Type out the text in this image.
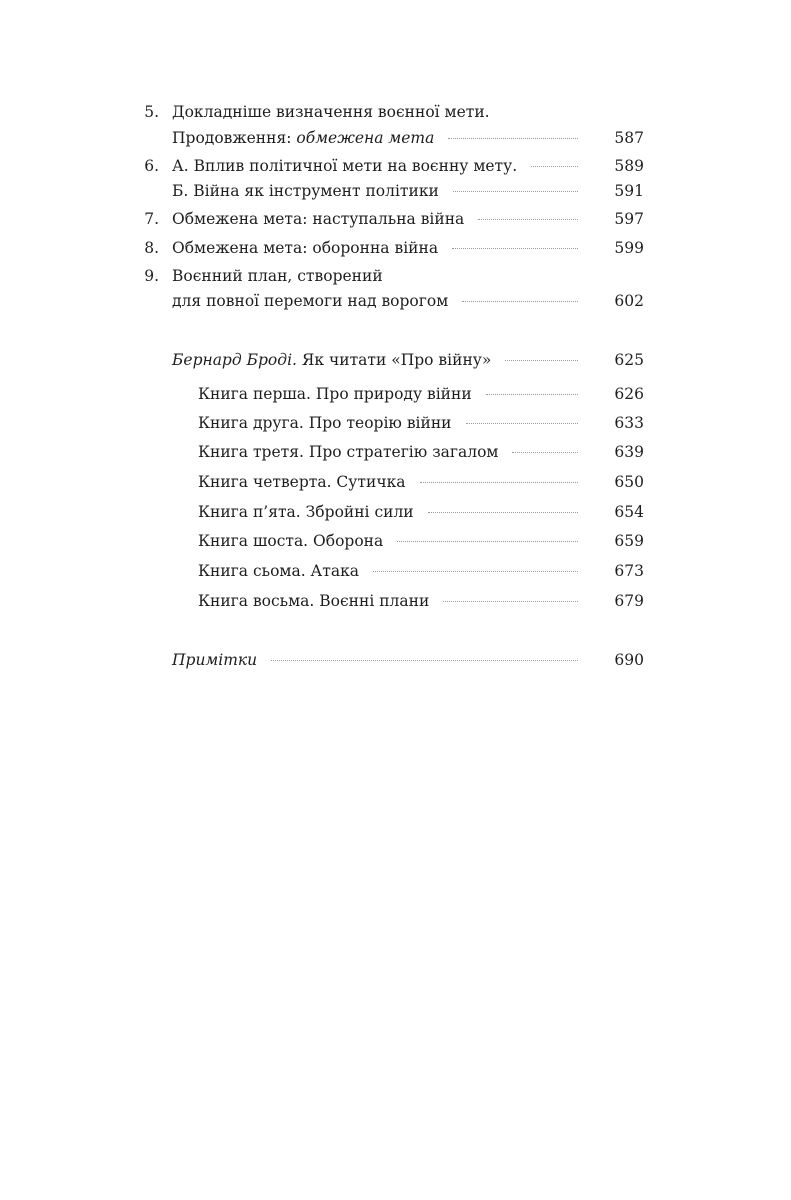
5. Докладніше визначення воєнної мети.
Продовження: обмежена мета	587
6. А. Вплив політичної мети на воєнну мету.	589
Б. Війна як інструмент політики	591
7. Обмежена мета: наступальна війна	597
8. Обмежена мета: оборонна війна	599
9. Воєнний план, створений
для повної перемоги над ворогом	602
Бернард Броді. Як читати «Про війну»	625
Книга перша. Про природу війни	626
Книга друга. Про теорію війни	633
Книга третя. Про стратегію загалом	639
Книга четверта. Сутичка	650
Книга п’ята. Збройні сили	654
Книга шоста. Оборона	659
Книга сьома. Атака	673
Книга восьма. Воєнні плани	679
Примітки	690
